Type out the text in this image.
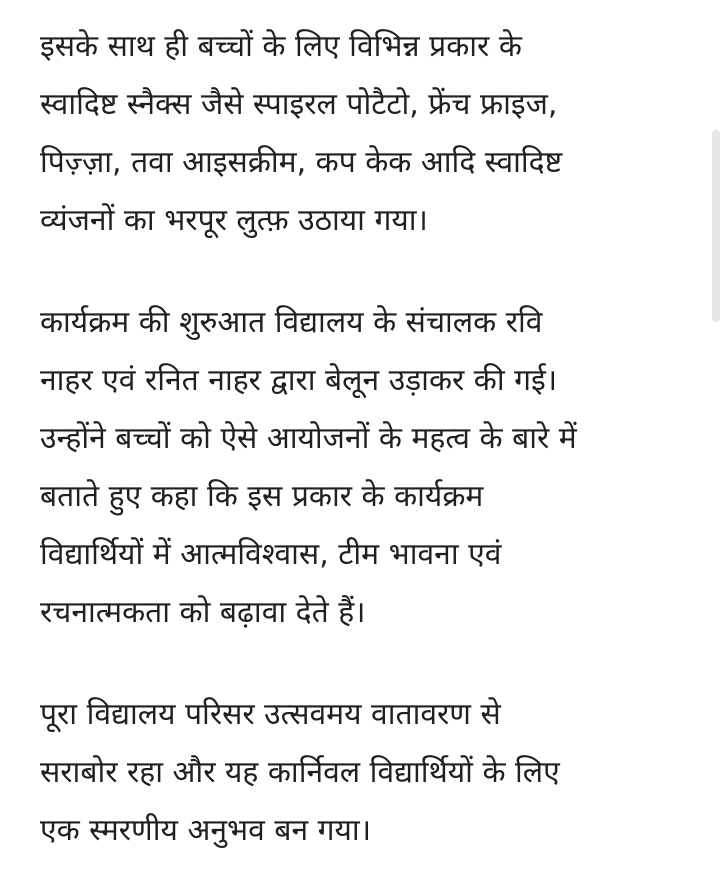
इसके साथ ही बच्चों के लिए विभिन्न प्रकार के
स्वादिष्ट स्नैक्स जैसे स्पाइरल पोटैटो, फ्रेंच फ्राइज,
पिज़्ज़ा, तवा आइसक्रीम, कप केक आदि स्वादिष्ट
व्यंजनों का भरपूर लुत्फ़ उठाया गया।

कार्यक्रम की शुरुआत विद्यालय के संचालक रवि
नाहर एवं रनित नाहर द्वारा बेलून उड़ाकर की गई।
उन्होंने बच्चों को ऐसे आयोजनों के महत्व के बारे में
बताते हुए कहा कि इस प्रकार के कार्यक्रम
विद्यार्थियों में आत्मविश्वास, टीम भावना एवं
रचनात्मकता को बढ़ावा देते हैं।

पूरा विद्यालय परिसर उत्सवमय वातावरण से
सराबोर रहा और यह कार्निवल विद्यार्थियों के लिए
एक स्मरणीय अनुभव बन गया।
